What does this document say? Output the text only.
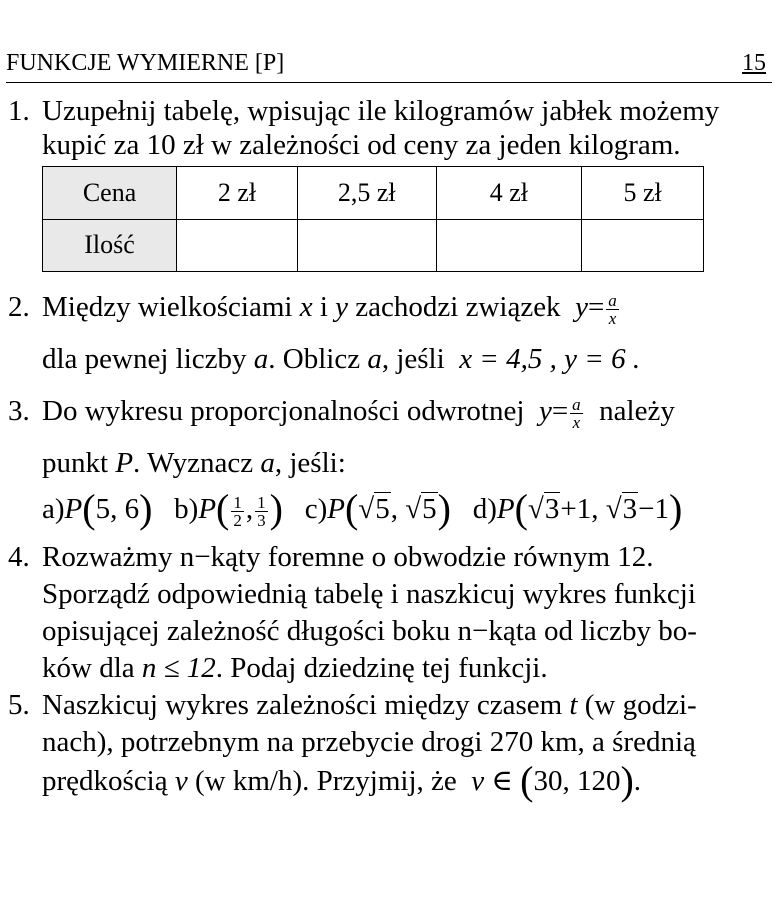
FUNKCJE WYMIERNE [P]	15
1. Uzupełnij tabelę, wpisując ile kilogramów jabłek możemy
kupić za 10 zł w zależności od ceny za jeden kilogram.
Cena	2 zł	2,5 zł	4 zł	5 zł
Ilość				
2. Między wielkościami x i y zachodzi związek $y= \frac{a}{x}$
dla pewnej liczby a. Oblicz a, jeśli x = 4,5 , y = 6 .
3. Do wykresu proporcjonalności odwrotnej $y= \frac{a}{x}$ należy
punkt P. Wyznacz a, jeśli:
a)P(5, 6) $b)P( \frac{1}{2}$ , $\frac{1}{3}$ ) c)P(√5, √5) d)P(√3+1, √3−1)
4. Rozważmy n−kąty foremne o obwodzie równym 12.
Sporządź odpowiednią tabelę i naszkicuj wykres funkcji
opisującej zależność długości boku n−kąta od liczby bo-
ków dla n ≤ 12. Podaj dziedzinę tej funkcji.
5. Naszkicuj wykres zależności między czasem t (w godzi-
nach), potrzebnym na przebycie drogi 270 km, a średnią
prędkością v (w km/h). Przyjmij, że v ∈ (30, 120).
